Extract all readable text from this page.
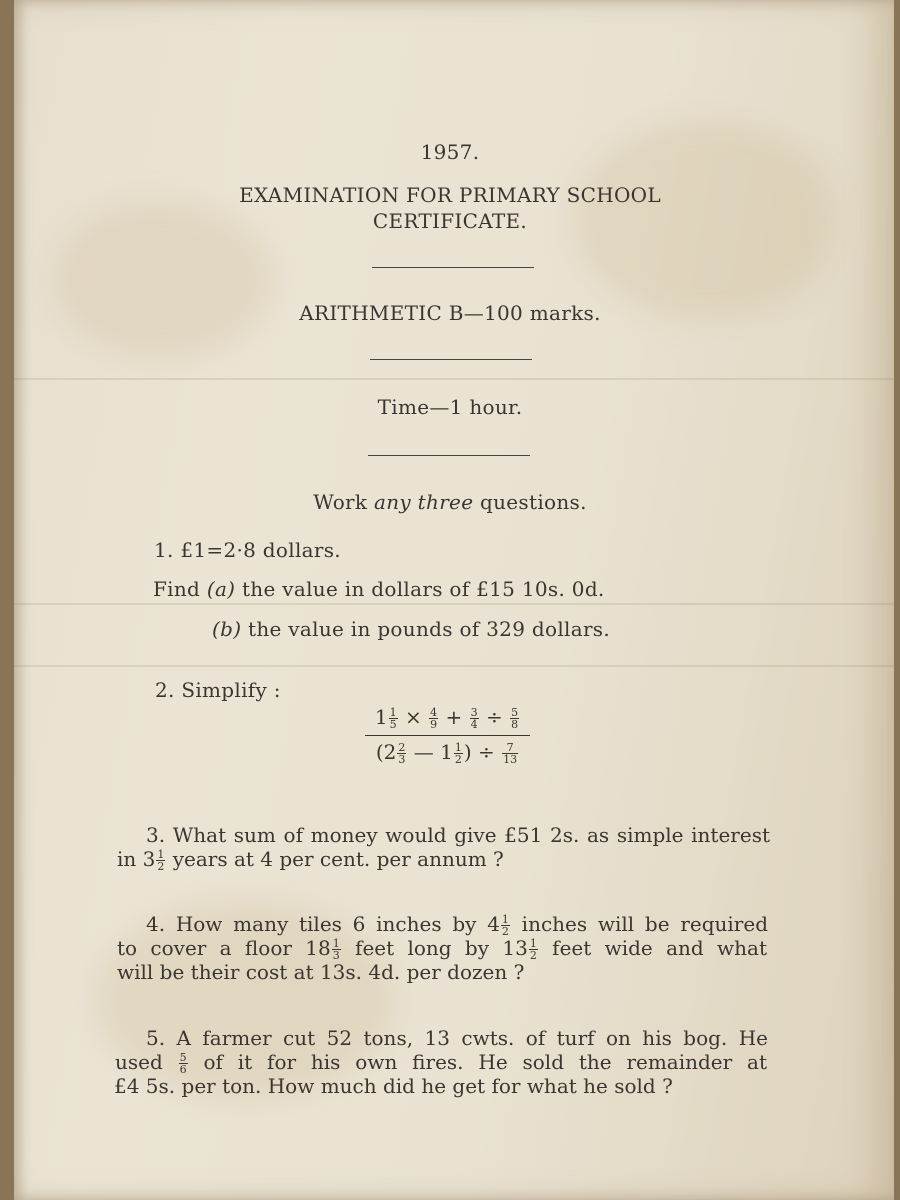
1957.
EXAMINATION FOR PRIMARY SCHOOL
CERTIFICATE.
ARITHMETIC B—100 marks.
Time—1 hour.
Work any three questions.
1. £1=2·8 dollars.
Find (a) the value in dollars of £15 10s. 0d.
(b) the value in pounds of 329 dollars.
2. Simplify :
$\frac{1 \frac{1}{5} \times \frac{4}{9} + \frac{3}{4} \div \frac{5}{8}}{(2 \frac{2}{3} — 1 \frac{1}{2} ) \div \frac{7}{13}}$
3. What sum of money would give £51 2s. as simple interest
in $3 \frac{1}{2}$ years at 4 per cent. per annum ?
4. How many tiles 6 inches by $4 \frac{1}{2}$ inches will be required
to cover a floor $18 \frac{1}{3}$ feet long by $13 \frac{1}{2}$ feet wide and what
will be their cost at 13s. 4d. per dozen ?
5. A farmer cut 52 tons, 13 cwts. of turf on his bog. He
used $\frac{5}{6}$ of it for his own fires. He sold the remainder at
£4 5s. per ton. How much did he get for what he sold ?
